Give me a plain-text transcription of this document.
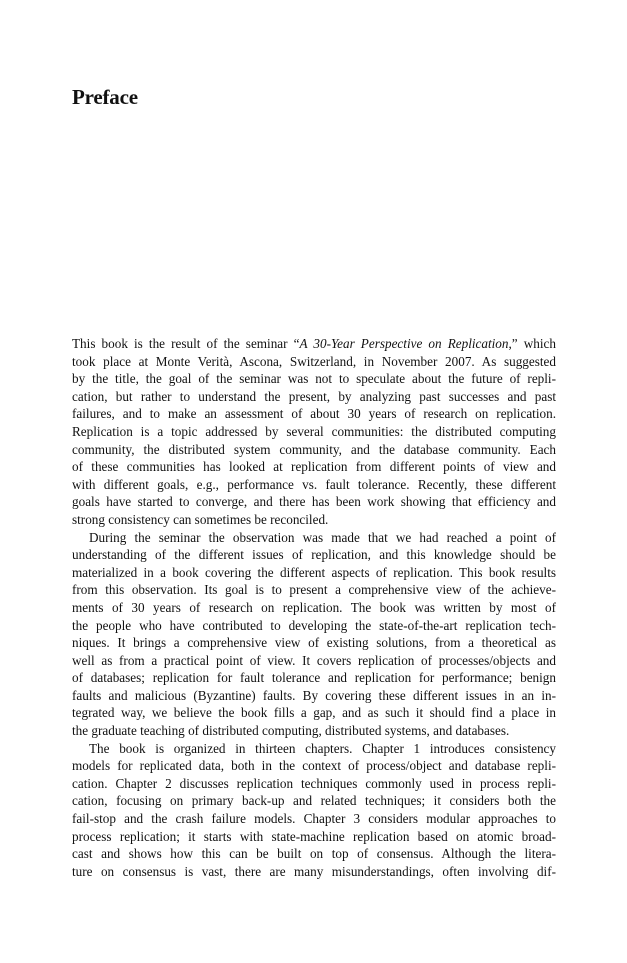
Preface
This book is the result of the seminar “A 30-Year Perspective on Replication,” which
took place at Monte Verità, Ascona, Switzerland, in November 2007. As suggested
by the title, the goal of the seminar was not to speculate about the future of repli-
cation, but rather to understand the present, by analyzing past successes and past
failures, and to make an assessment of about 30 years of research on replication.
Replication is a topic addressed by several communities: the distributed computing
community, the distributed system community, and the database community. Each
of these communities has looked at replication from different points of view and
with different goals, e.g., performance vs. fault tolerance. Recently, these different
goals have started to converge, and there has been work showing that efficiency and
strong consistency can sometimes be reconciled.
During the seminar the observation was made that we had reached a point of
understanding of the different issues of replication, and this knowledge should be
materialized in a book covering the different aspects of replication. This book results
from this observation. Its goal is to present a comprehensive view of the achieve-
ments of 30 years of research on replication. The book was written by most of
the people who have contributed to developing the state-of-the-art replication tech-
niques. It brings a comprehensive view of existing solutions, from a theoretical as
well as from a practical point of view. It covers replication of processes/objects and
of databases; replication for fault tolerance and replication for performance; benign
faults and malicious (Byzantine) faults. By covering these different issues in an in-
tegrated way, we believe the book fills a gap, and as such it should find a place in
the graduate teaching of distributed computing, distributed systems, and databases.
The book is organized in thirteen chapters. Chapter 1 introduces consistency
models for replicated data, both in the context of process/object and database repli-
cation. Chapter 2 discusses replication techniques commonly used in process repli-
cation, focusing on primary back-up and related techniques; it considers both the
fail-stop and the crash failure models. Chapter 3 considers modular approaches to
process replication; it starts with state-machine replication based on atomic broad-
cast and shows how this can be built on top of consensus. Although the litera-
ture on consensus is vast, there are many misunderstandings, often involving dif-
